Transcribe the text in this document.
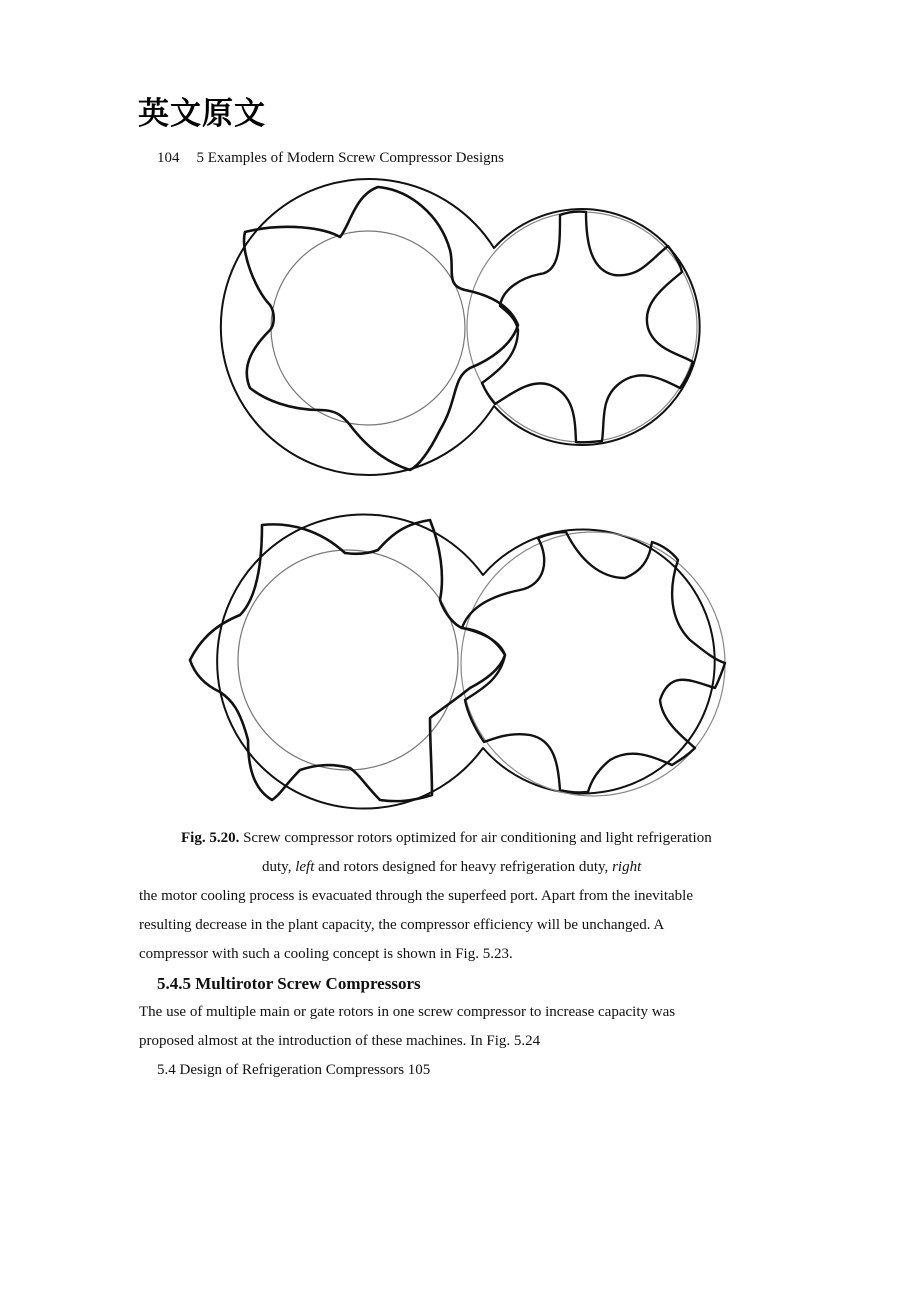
英文原文
104 5 Examples of Modern Screw Compressor Designs
Fig. 5.20. Screw compressor rotors optimized for air conditioning and light refrigeration
duty, left and rotors designed for heavy refrigeration duty, right
the motor cooling process is evacuated through the superfeed port. Apart from the inevitable
resulting decrease in the plant capacity, the compressor efficiency will be unchanged. A
compressor with such a cooling concept is shown in Fig. 5.23.
5.4.5 Multirotor Screw Compressors
The use of multiple main or gate rotors in one screw compressor to increase capacity was
proposed almost at the introduction of these machines. In Fig. 5.24
5.4 Design of Refrigeration Compressors 105
